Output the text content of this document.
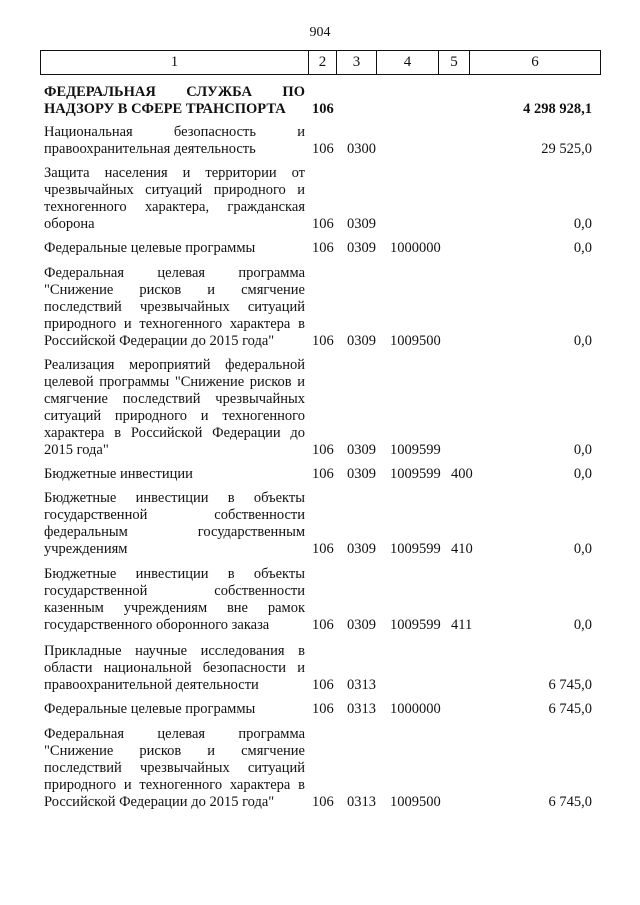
904
1	2	3	4	5	6
ФЕДЕРАЛЬНАЯ СЛУЖБА ПО НАДЗОРУ В СФЕРЕ ТРАНСПОРТА	106	4 298 928,1
Национальная безопасность и правоохранительная деятельность	106 0300	29 525,0
Защита населения и территории от чрезвычайных ситуаций природного и техногенного характера, гражданская оборона	106 0309	0,0
Федеральные целевые программы	106 0309 1000000	0,0
Федеральная целевая программа "Снижение рисков и смягчение последствий чрезвычайных ситуаций природного и техногенного характера в Российской Федерации до 2015 года"	106 0309 1009500	0,0
Реализация мероприятий федеральной целевой программы "Снижение рисков и смягчение последствий чрезвычайных ситуаций природного и техногенного характера в Российской Федерации до 2015 года"	106 0309 1009599	0,0
Бюджетные инвестиции	106 0309 1009599 400	0,0
Бюджетные инвестиции в объекты государственной собственности федеральным государственным учреждениям	106 0309 1009599 410	0,0
Бюджетные инвестиции в объекты государственной собственности казенным учреждениям вне рамок государственного оборонного заказа	106 0309 1009599 411	0,0
Прикладные научные исследования в области национальной безопасности и правоохранительной деятельности	106 0313	6 745,0
Федеральные целевые программы	106 0313 1000000	6 745,0
Федеральная целевая программа "Снижение рисков и смягчение последствий чрезвычайных ситуаций природного и техногенного характера в Российской Федерации до 2015 года"	106 0313 1009500	6 745,0
